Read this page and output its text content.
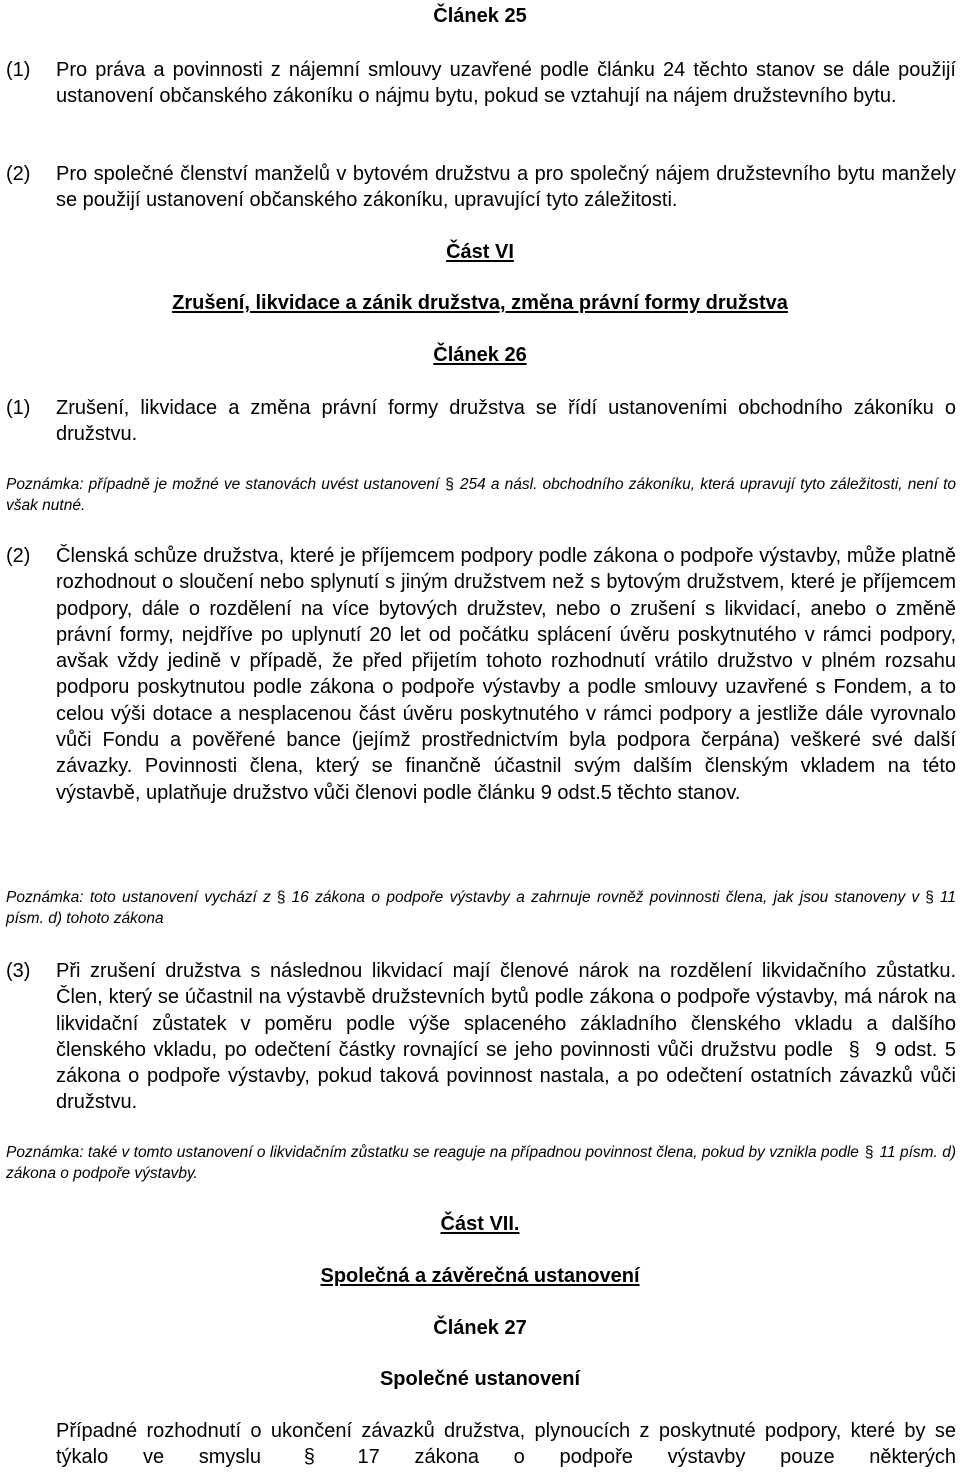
Článek 25
(1) Pro práva a povinnosti z nájemní smlouvy uzavřené podle článku 24 těchto stanov se dále použijí ustanovení občanského zákoníku o nájmu bytu, pokud se vztahují na nájem družstevního bytu.
(2) Pro společné členství manželů v bytovém družstvu a pro společný nájem družstevního bytu manžely se použijí ustanovení občanského zákoníku, upravující tyto záležitosti.
Část VI
Zrušení, likvidace a zánik družstva, změna právní formy družstva
Článek 26
(1) Zrušení, likvidace a změna právní formy družstva se řídí ustanoveními obchodního zákoníku o družstvu.
Poznámka: případně je možné ve stanovách uvést ustanovení § 254 a násl. obchodního zákoníku, která upravují tyto záležitosti, není to však nutné.
(2) Členská schůze družstva, které je příjemcem podpory podle zákona o podpoře výstavby, může platně rozhodnout o sloučení nebo splynutí s jiným družstvem než s bytovým družstvem, které je příjemcem podpory, dále o rozdělení na více bytových družstev, nebo o zrušení s likvidací, anebo o změně právní formy, nejdříve po uplynutí 20 let od počátku splácení úvěru poskytnutého v rámci podpory, avšak vždy jedině v případě, že před přijetím tohoto rozhodnutí vrátilo družstvo v plném rozsahu podporu poskytnutou podle zákona o podpoře výstavby a podle smlouvy uzavřené s Fondem, a to celou výši dotace a nesplacenou část úvěru poskytnutého v rámci podpory a jestliže dále vyrovnalo vůči Fondu a pověřené bance (jejímž prostřednictvím byla podpora čerpána) veškeré své další závazky. Povinnosti člena, který se finančně účastnil svým dalším členským vkladem na této výstavbě, uplatňuje družstvo vůči členovi podle článku 9 odst.5 těchto stanov.
Poznámka: toto ustanovení vychází z § 16 zákona o podpoře výstavby a zahrnuje rovněž povinnosti člena, jak jsou stanoveny v § 11 písm. d) tohoto zákona
(3) Při zrušení družstva s následnou likvidací mají členové nárok na rozdělení likvidačního zůstatku. Člen, který se účastnil na výstavbě družstevních bytů podle zákona o podpoře výstavby, má nárok na likvidační zůstatek v poměru podle výše splaceného základního členského vkladu a dalšího členského vkladu, po odečtení částky rovnající se jeho povinnosti vůči družstvu podle § 9 odst. 5 zákona o podpoře výstavby, pokud taková povinnost nastala, a po odečtení ostatních závazků vůči družstvu.
Poznámka: také v tomto ustanovení o likvidačním zůstatku se reaguje na případnou povinnost člena, pokud by vznikla podle § 11 písm. d) zákona o podpoře výstavby.
Část VII.
Společná a závěrečná ustanovení
Článek 27
Společné ustanovení
Případné rozhodnutí o ukončení závazků družstva, plynoucích z poskytnuté podpory, které by se týkalo ve smyslu § 17 zákona o podpoře výstavby pouze některých
